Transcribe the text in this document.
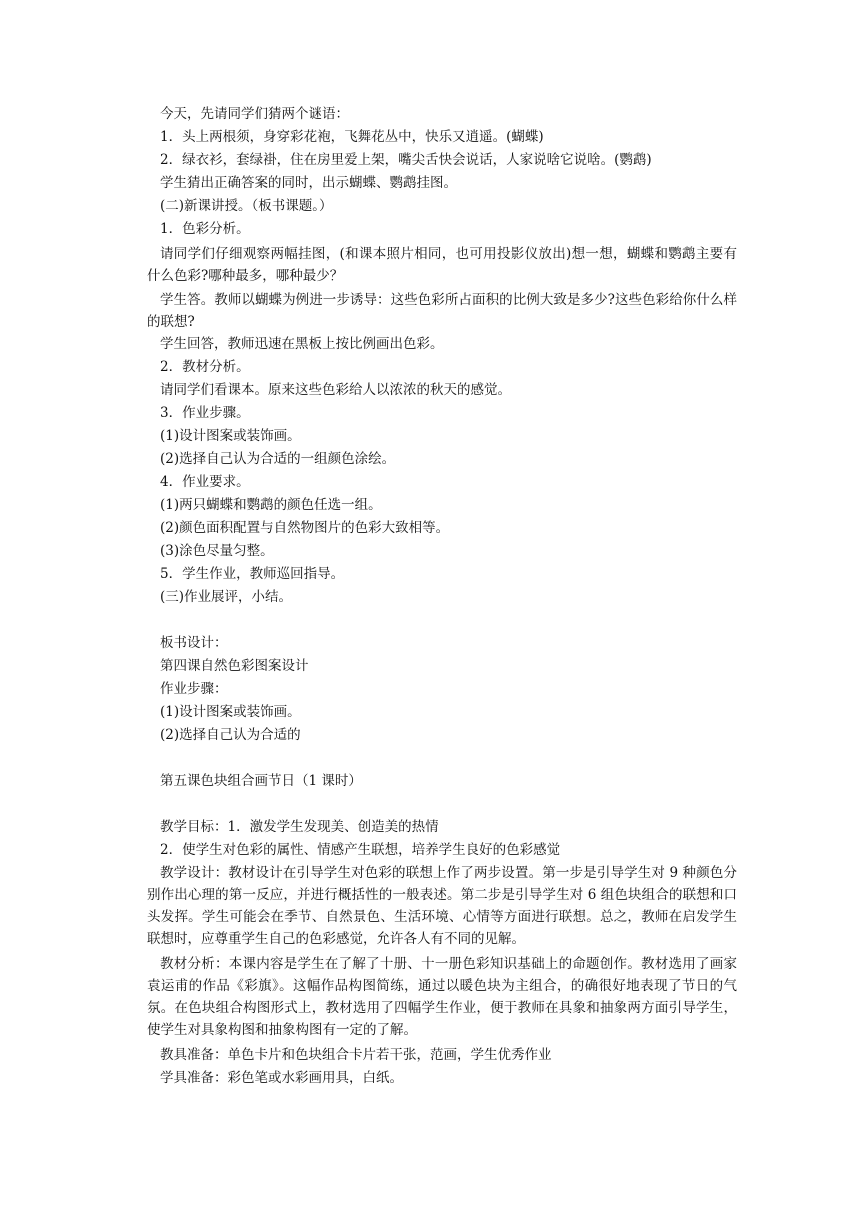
今天，先请同学们猜两个谜语：
1．头上两根须，身穿彩花袍，飞舞花丛中，快乐又逍遥。(蝴蝶)
2．绿衣衫，套绿褂，住在房里爱上架，嘴尖舌快会说话，人家说啥它说啥。(鹦鹉)
学生猜出正确答案的同时，出示蝴蝶、鹦鹉挂图。
(二)新课讲授。（板书课题。）
1．色彩分析。
请同学们仔细观察两幅挂图，(和课本照片相同，也可用投影仪放出)想一想，蝴蝶和鹦鹉主要有什么色彩?哪种最多，哪种最少？
学生答。教师以蝴蝶为例进一步诱导：这些色彩所占面积的比例大致是多少?这些色彩给你什么样的联想?
学生回答，教师迅速在黑板上按比例画出色彩。
2．教材分析。
请同学们看课本。原来这些色彩给人以浓浓的秋天的感觉。
3．作业步骤。
(1)设计图案或装饰画。
(2)选择自己认为合适的一组颜色涂绘。
4．作业要求。
(1)两只蝴蝶和鹦鹉的颜色任选一组。
(2)颜色面积配置与自然物图片的色彩大致相等。
(3)涂色尽量匀整。
5．学生作业，教师巡回指导。
(三)作业展评，小结。
板书设计：
第四课自然色彩图案设计
作业步骤：
(1)设计图案或装饰画。
(2)选择自己认为合适的
第五课色块组合画节日（1 课时）
教学目标：1．激发学生发现美、创造美的热情
2．使学生对色彩的属性、情感产生联想，培养学生良好的色彩感觉
教学设计：教材设计在引导学生对色彩的联想上作了两步设置。第一步是引导学生对 9 种颜色分别作出心理的第一反应，并进行概括性的一般表述。第二步是引导学生对 6 组色块组合的联想和口头发挥。学生可能会在季节、自然景色、生活环境、心情等方面进行联想。总之，教师在启发学生联想时，应尊重学生自己的色彩感觉，允许各人有不同的见解。
教材分析：本课内容是学生在了解了十册、十一册色彩知识基础上的命题创作。教材选用了画家袁运甫的作品《彩旗》。这幅作品构图简练，通过以暖色块为主组合，的确很好地表现了节日的气氛。在色块组合构图形式上，教材选用了四幅学生作业，便于教师在具象和抽象两方面引导学生，使学生对具象构图和抽象构图有一定的了解。
教具准备：单色卡片和色块组合卡片若干张，范画，学生优秀作业
学具准备：彩色笔或水彩画用具，白纸。
